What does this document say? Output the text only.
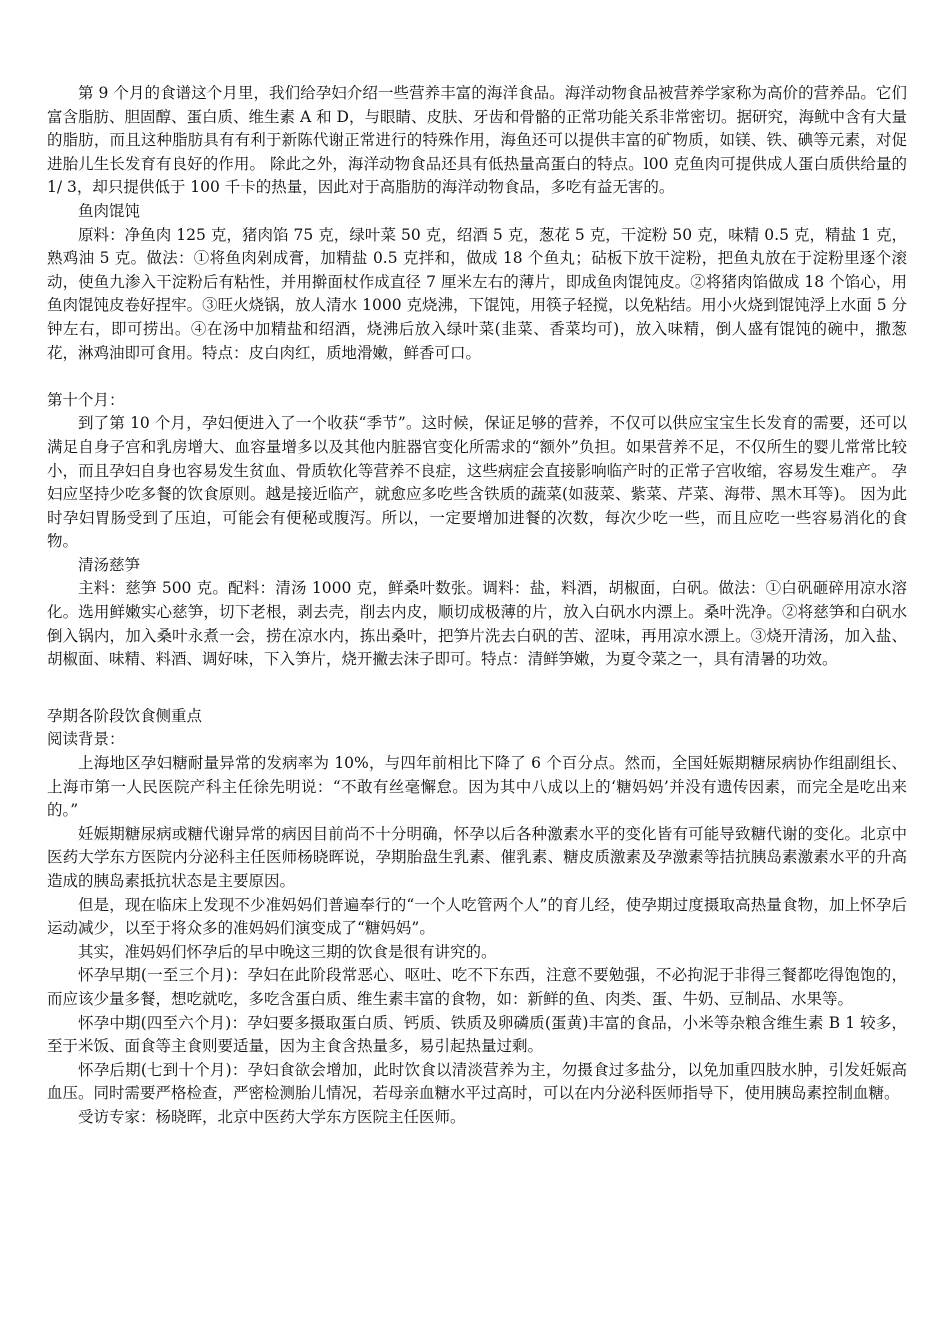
第 9 个月的食谱这个月里，我们给孕妇介绍一些营养丰富的海洋食品。海洋动物食品被营养学家称为高价的营养品。它们富含脂肪、胆固醇、蛋白质、维生素 A 和 D，与眼睛、皮肤、牙齿和骨骼的正常功能关系非常密切。据研究，海鱿中含有大量的脂肪，而且这种脂肪具有有利于新陈代谢正常进行的特殊作用，海鱼还可以提供丰富的矿物质，如镁、铁、碘等元素，对促进胎儿生长发育有良好的作用。 除此之外，海洋动物食品还具有低热量高蛋白的特点。l00 克鱼肉可提供成人蛋白质供给量的 1/ 3，却只提供低于 100 千卡的热量，因此对于高脂肪的海洋动物食品，多吃有益无害的。

鱼肉馄饨

原料：净鱼肉 125 克，猪肉馅 75 克，绿叶菜 50 克，绍酒 5 克，葱花 5 克，干淀粉 50 克，味精 0.5 克，精盐 1 克，熟鸡油 5 克。做法：①将鱼肉剁成膏，加精盐 0.5 克拌和，做成 18 个鱼丸；砧板下放干淀粉，把鱼丸放在于淀粉里逐个滚动，使鱼九渗入干淀粉后有粘性，并用擀面杖作成直径 7 厘米左右的薄片，即成鱼肉馄饨皮。②将猪肉馅做成 18 个馅心，用鱼肉馄饨皮卷好捏牢。③旺火烧锅，放人清水 1000 克烧沸，下馄饨，用筷子轻搅，以免粘结。用小火烧到馄饨浮上水面 5 分钟左右，即可捞出。④在汤中加精盐和绍酒，烧沸后放入绿叶菜(韭菜、香菜均可)，放入味精，倒人盛有馄饨的碗中，撒葱花，淋鸡油即可食用。特点：皮白肉红，质地滑嫩，鲜香可口。

第十个月：

到了第 10 个月，孕妇便进入了一个收获“季节”。这时候，保证足够的营养，不仅可以供应宝宝生长发育的需要，还可以满足自身子宫和乳房增大、血容量增多以及其他内脏器官变化所需求的“额外”负担。如果营养不足，不仅所生的婴儿常常比较小，而且孕妇自身也容易发生贫血、骨质软化等营养不良症，这些病症会直接影响临产时的正常子宫收缩，容易发生难产。 孕妇应坚持少吃多餐的饮食原则。越是接近临产，就愈应多吃些含铁质的蔬菜(如菠菜、紫菜、芹菜、海带、黑木耳等)。 因为此时孕妇胃肠受到了压迫，可能会有便秘或腹泻。所以，一定要增加进餐的次数，每次少吃一些，而且应吃一些容易消化的食物。

清汤慈笋

主料：慈笋 500 克。配料：清汤 1000 克，鲜桑叶数张。调料：盐，料酒，胡椒面，白矾。做法：①白矾砸碎用凉水溶化。选用鲜嫩实心慈笋，切下老根，剥去壳，削去内皮，顺切成极薄的片，放入白矾水内漂上。桑叶洗净。②将慈笋和白矾水倒入锅内，加入桑叶永煮一会，捞在凉水内，拣出桑叶，把笋片洗去白矾的苦、涩味，再用凉水漂上。③烧开清汤，加入盐、胡椒面、味精、料酒、调好味，下入笋片，烧开撇去沫子即可。特点：清鲜笋嫩，为夏令菜之一，具有清暑的功效。

孕期各阶段饮食侧重点

阅读背景：

上海地区孕妇糖耐量异常的发病率为 10%，与四年前相比下降了 6 个百分点。然而，全国妊娠期糖尿病协作组副组长、上海市第一人民医院产科主任徐先明说：“不敢有丝毫懈怠。因为其中八成以上的‘糖妈妈’并没有遗传因素，而完全是吃出来的。”

妊娠期糖尿病或糖代谢异常的病因目前尚不十分明确，怀孕以后各种激素水平的变化皆有可能导致糖代谢的变化。北京中医药大学东方医院内分泌科主任医师杨晓晖说，孕期胎盘生乳素、催乳素、糖皮质激素及孕激素等拮抗胰岛素激素水平的升高造成的胰岛素抵抗状态是主要原因。

但是，现在临床上发现不少准妈妈们普遍奉行的“一个人吃管两个人”的育儿经，使孕期过度摄取高热量食物，加上怀孕后运动减少，以至于将众多的准妈妈们演变成了“糖妈妈”。

其实，准妈妈们怀孕后的早中晚这三期的饮食是很有讲究的。

怀孕早期(一至三个月)：孕妇在此阶段常恶心、呕吐、吃不下东西，注意不要勉强，不必拘泥于非得三餐都吃得饱饱的，而应该少量多餐，想吃就吃，多吃含蛋白质、维生素丰富的食物，如：新鲜的鱼、肉类、蛋、牛奶、豆制品、水果等。

怀孕中期(四至六个月)：孕妇要多摄取蛋白质、钙质、铁质及卵磷质(蛋黄)丰富的食品，小米等杂粮含维生素 B 1 较多，至于米饭、面食等主食则要适量，因为主食含热量多，易引起热量过剩。

怀孕后期(七到十个月)：孕妇食欲会增加，此时饮食以清淡营养为主，勿摄食过多盐分，以免加重四肢水肿，引发妊娠高血压。同时需要严格检查，严密检测胎儿情况，若母亲血糖水平过高时，可以在内分泌科医师指导下，使用胰岛素控制血糖。

受访专家：杨晓晖，北京中医药大学东方医院主任医师。
